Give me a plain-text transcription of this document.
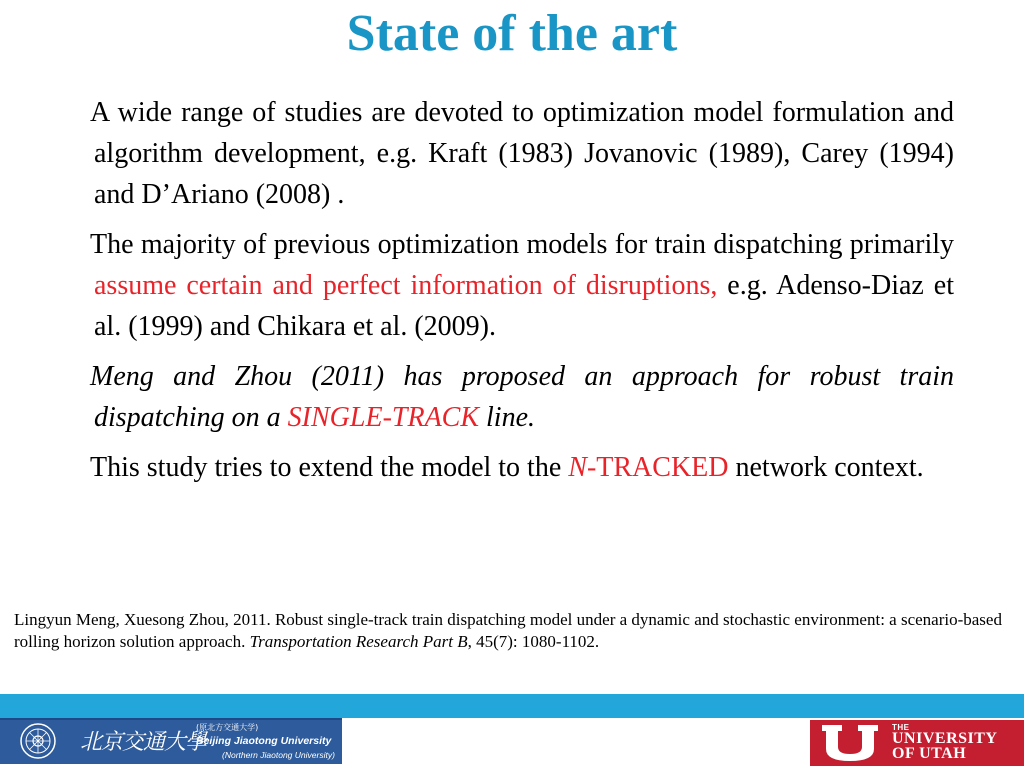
State of the art

A wide range of studies are devoted to optimization model formulation and algorithm development, e.g. Kraft (1983) Jovanovic (1989), Carey (1994) and D’Ariano (2008) .

The majority of previous optimization models for train dispatching primarily assume certain and perfect information of disruptions, e.g. Adenso-Diaz et al. (1999) and Chikara et al. (2009).

Meng and Zhou (2011) has proposed an approach for robust train dispatching on a SINGLE-TRACK line.

This study tries to extend the model to the N-TRACKED network context.

Lingyun Meng, Xuesong Zhou, 2011. Robust single-track train dispatching model under a dynamic and stochastic environment: a scenario-based rolling horizon solution approach. Transportation Research Part B, 45(7): 1080-1102.
北京交通大學
(原北方交通大学)
Beijing Jiaotong University
(Northern Jiaotong University)
THE
UNIVERSITY
OF UTAH
